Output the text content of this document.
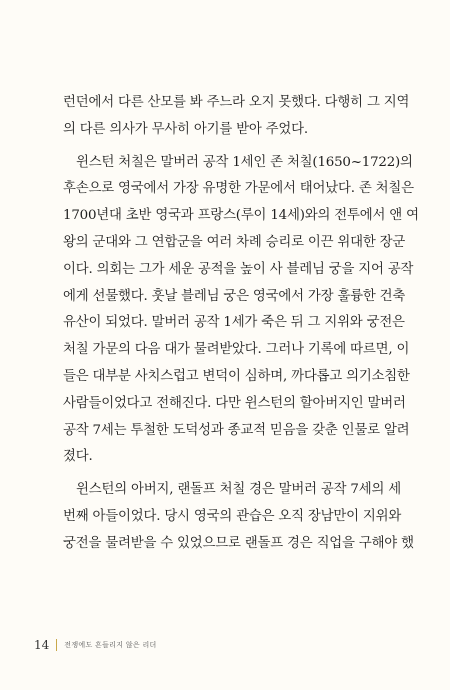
런던에서 다른 산모를 봐 주느라 오지 못했다. 다행히 그 지역
의 다른 의사가 무사히 아기를 받아 주었다.
윈스턴 처칠은 말버러 공작 1세인 존 처칠(1650~1722)의
후손으로 영국에서 가장 유명한 가문에서 태어났다. 존 처칠은
1700년대 초반 영국과 프랑스(루이 14세)와의 전투에서 앤 여
왕의 군대와 그 연합군을 여러 차례 승리로 이끈 위대한 장군
이다. 의회는 그가 세운 공적을 높이 사 블레님 궁을 지어 공작
에게 선물했다. 훗날 블레님 궁은 영국에서 가장 훌륭한 건축
유산이 되었다. 말버러 공작 1세가 죽은 뒤 그 지위와 궁전은
처칠 가문의 다음 대가 물려받았다. 그러나 기록에 따르면, 이
들은 대부분 사치스럽고 변덕이 심하며, 까다롭고 의기소침한
사람들이었다고 전해진다. 다만 윈스턴의 할아버지인 말버러
공작 7세는 투철한 도덕성과 종교적 믿음을 갖춘 인물로 알려
졌다.
윈스턴의 아버지, 랜돌프 처칠 경은 말버러 공작 7세의 세
번째 아들이었다. 당시 영국의 관습은 오직 장남만이 지위와
궁전을 물려받을 수 있었으므로 랜돌프 경은 직업을 구해야 했
14 전쟁에도 흔들리지 않은 리더
